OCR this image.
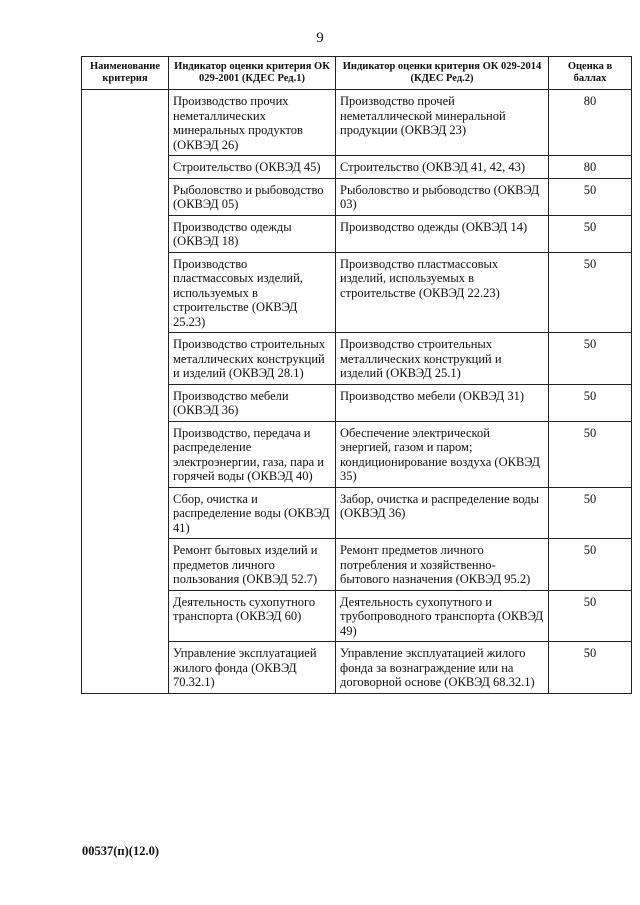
9
Наименование критерия	Индикатор оценки критерия ОК 029-2001 (КДЕС Ред.1)	Индикатор оценки критерия ОК 029-2014 (КДЕС Ред.2)	Оценка в баллах
	Производство прочих неметаллических минеральных продуктов (ОКВЭД 26)	Производство прочей неметаллической минеральной продукции (ОКВЭД 23)	80
	Строительство (ОКВЭД 45)	Строительство (ОКВЭД 41, 42, 43)	80
	Рыболовство и рыбоводство (ОКВЭД 05)	Рыболовство и рыбоводство (ОКВЭД 03)	50
	Производство одежды (ОКВЭД 18)	Производство одежды (ОКВЭД 14)	50
	Производство пластмассовых изделий, используемых в строительстве (ОКВЭД 25.23)	Производство пластмассовых изделий, используемых в строительстве (ОКВЭД 22.23)	50
	Производство строительных металлических конструкций и изделий (ОКВЭД 28.1)	Производство строительных металлических конструкций и изделий (ОКВЭД 25.1)	50
	Производство мебели (ОКВЭД 36)	Производство мебели (ОКВЭД 31)	50
	Производство, передача и распределение электроэнергии, газа, пара и горячей воды (ОКВЭД 40)	Обеспечение электрической энергией, газом и паром; кондиционирование воздуха (ОКВЭД 35)	50
	Сбор, очистка и распределение воды (ОКВЭД 41)	Забор, очистка и распределение воды (ОКВЭД 36)	50
	Ремонт бытовых изделий и предметов личного пользования (ОКВЭД 52.7)	Ремонт предметов личного потребления и хозяйственно-бытового назначения (ОКВЭД 95.2)	50
	Деятельность сухопутного транспорта (ОКВЭД 60)	Деятельность сухопутного и трубопроводного транспорта (ОКВЭД 49)	50
	Управление эксплуатацией жилого фонда (ОКВЭД 70.32.1)	Управление эксплуатацией жилого фонда за вознаграждение или на договорной основе (ОКВЭД 68.32.1)	50
00537(п)(12.0)
